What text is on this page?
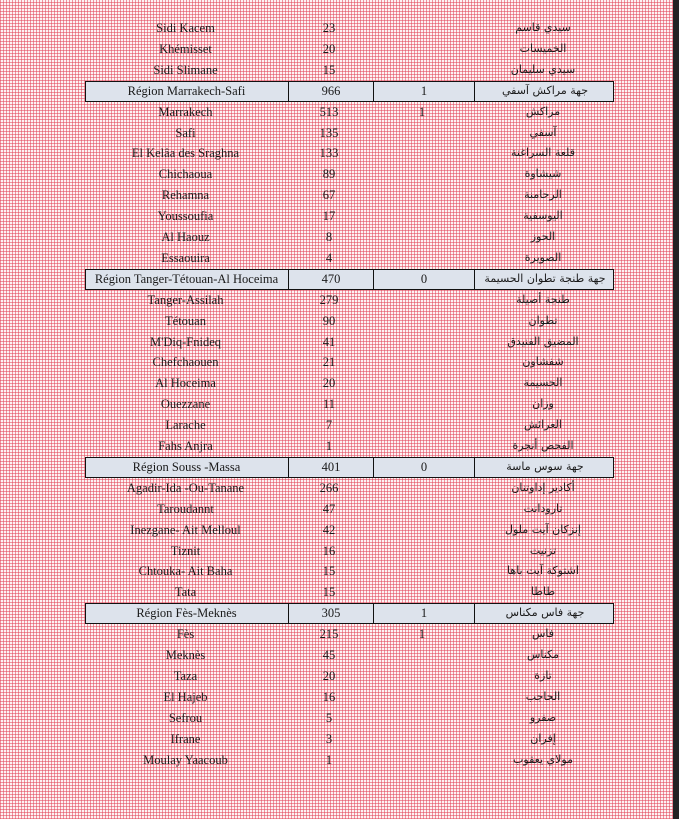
Sidi Kacem	23	سيدي قاسم
Khémisset	20	الخميسات
Sidi Slimane	15	سيدي سليمان
Région Marrakech-Safi	966	1	جهة مراكش آسفي
Marrakech	513	1	مراكش
Safi	135	آسفي
El Kelâa des Sraghna	133	قلعة السراغنة
Chichaoua	89	شيشاوة
Rehamna	67	الرحامنة
Youssoufia	17	اليوسفية
Al Haouz	8	الحوز
Essaouira	4	الصويرة
Région Tanger-Tétouan-Al Hoceima	470	0	جهة طنجة تطوان الحسيمة
Tanger-Assilah	279	طنجة أصيلة
Tétouan	90	تطوان
M'Diq-Fnideq	41	المضيق الفنيدق
Chefchaouen	21	شفشاون
Al Hoceima	20	الحسيمة
Ouezzane	11	وزان
Larache	7	العرائش
Fahs Anjra	1	الفحص أنجرة
Région Souss -Massa	401	0	جهة سوس ماسة
Agadir-Ida -Ou-Tanane	266	أكادير إداوتنان
Taroudannt	47	تارودانت
Inezgane- Ait Melloul	42	إنزكان آيت ملول
Tiznit	16	تزنيت
Chtouka- Ait Baha	15	اشتوكة آيت باها
Tata	15	طاطا
Région Fès-Meknès	305	1	جهة فاس مكناس
Fès	215	1	فاس
Meknès	45	مكناس
Taza	20	تازة
El Hajeb	16	الحاجب
Sefrou	5	صفرو
Ifrane	3	إفران
Moulay Yaacoub	1	مولاي يعقوب
